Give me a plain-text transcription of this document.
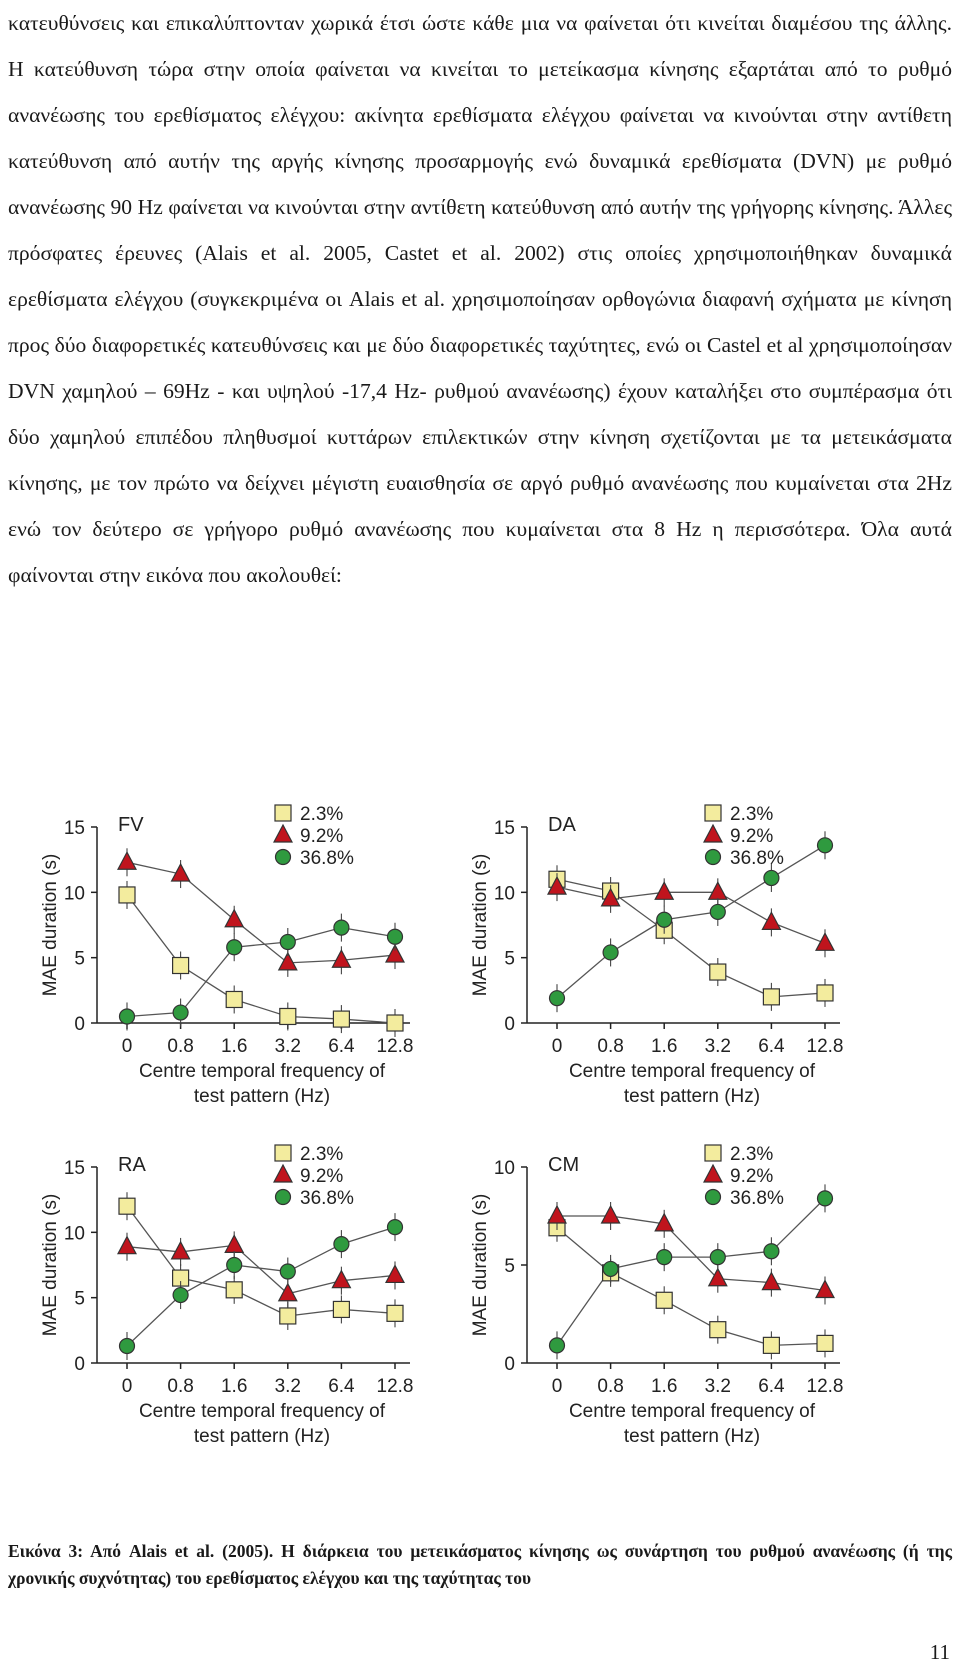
κατευθύνσεις και επικαλύπτονταν χωρικά έτσι ώστε κάθε μια να φαίνεται ότι κινείται διαμέσου της άλλης. Η κατεύθυνση τώρα στην οποία φαίνεται να κινείται το μετείκασμα κίνησης εξαρτάται από το ρυθμό ανανέωσης του ερεθίσματος ελέγχου: ακίνητα ερεθίσματα ελέγχου φαίνεται να κινούνται στην αντίθετη κατεύθυνση από αυτήν της αργής κίνησης προσαρμογής ενώ δυναμικά ερεθίσματα (DVN) με ρυθμό ανανέωσης 90 Hz φαίνεται να κινούνται στην αντίθετη κατεύθυνση από αυτήν της γρήγορης κίνησης. Άλλες πρόσφατες έρευνες (Alais et al. 2005, Castet et al. 2002) στις οποίες χρησιμοποιήθηκαν δυναμικά ερεθίσματα ελέγχου (συγκεκριμένα οι Alais et al. χρησιμοποίησαν ορθογώνια διαφανή σχήματα με κίνηση προς δύο διαφορετικές κατευθύνσεις και με δύο διαφορετικές ταχύτητες, ενώ οι Castel et al χρησιμοποίησαν DVN χαμηλού – 69Hz - και υψηλού -17,4 Hz- ρυθμού ανανέωσης) έχουν καταλήξει στο συμπέρασμα ότι δύο χαμηλού επιπέδου πληθυσμοί κυττάρων επιλεκτικών στην κίνηση σχετίζονται με τα μετεικάσματα κίνησης, με τον πρώτο να δείχνει μέγιστη ευαισθησία σε αργό ρυθμό ανανέωσης που κυμαίνεται στα 2Hz ενώ τον δεύτερο σε γρήγορο ρυθμό ανανέωσης που κυμαίνεται στα 8 Hz η περισσότερα. Όλα αυτά φαίνονται στην εικόνα που ακολουθεί:

0
5
10
15
0 0.8 1.6 3.2 6.4 12.8
MAE duration (s)
Centre temporal frequency of
test pattern (Hz)
FV	2.3%
9.2%
36.8%
0
5
10
15
0 0.8 1.6 3.2 6.4 12.8
MAE duration (s)
Centre temporal frequency of
test pattern (Hz)
DA	2.3%
9.2%
36.8%
0
5
10
15
0 0.8 1.6 3.2 6.4 12.8
MAE duration (s)
Centre temporal frequency of
test pattern (Hz)
RA	2.3%
9.2%
36.8%
0
5
10
0 0.8 1.6 3.2 6.4 12.8
MAE duration (s)
Centre temporal frequency of
test pattern (Hz)
CM	2.3%
9.2%
36.8%

Εικόνα 3: Από Alais et al. (2005). Η διάρκεια του μετεικάσματος κίνησης ως συνάρτηση του ρυθμού ανανέωσης (ή της χρονικής συχνότητας) του ερεθίσματος ελέγχου και της ταχύτητας του

11
